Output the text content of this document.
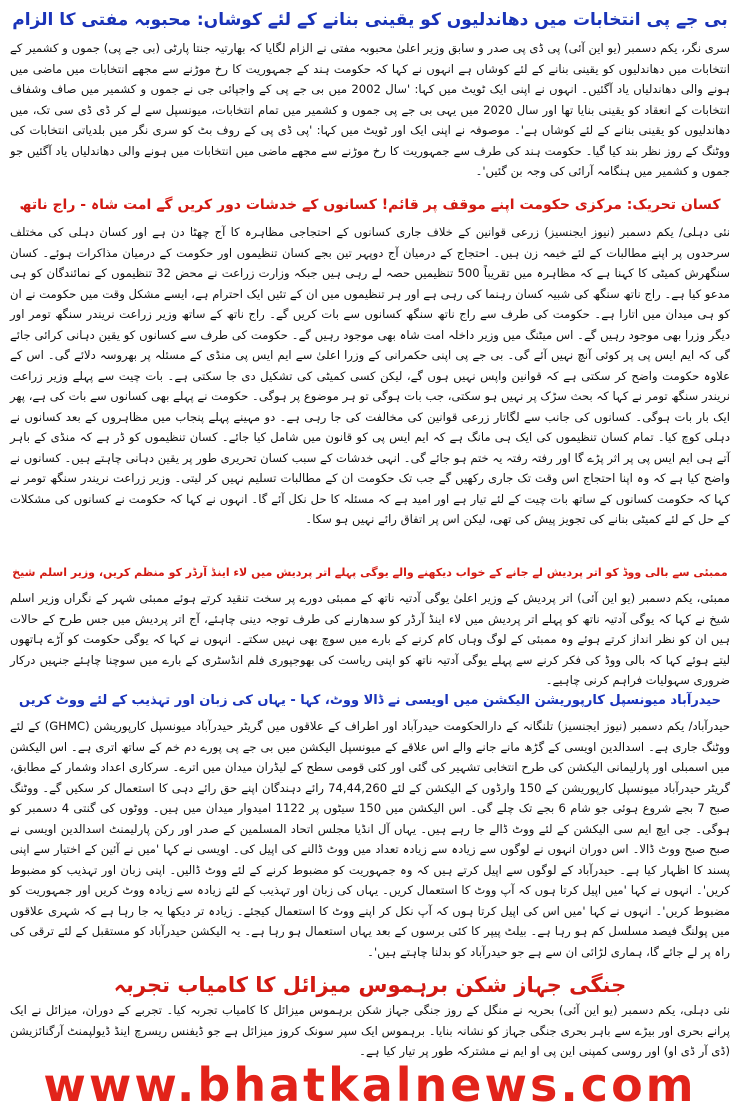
بی جے پی انتخابات میں دھاندلیوں کو یقینی بنانے کے لئے کوشاں: محبوبہ مفتی کا الزام

سری نگر، یکم دسمبر (یو این آئی) پی ڈی پی صدر و سابق وزیر اعلیٰ محبوبہ مفتی نے الزام لگایا کہ بھارتیہ جنتا پارٹی (بی جے پی) جموں و کشمیر کے انتخابات میں دھاندلیوں کو یقینی بنانے کے لئے کوشاں ہے انہوں نے کہا کہ حکومت ہند کے جمہوریت کا رخ موڑنے سے مجھے انتخابات میں ماضی میں ہونے والی دھاندلیاں یاد آگئیں۔ انہوں نے اپنی ایک ٹویٹ میں کہا: 'سال 2002 میں بی جے پی کے واجپائی جی نے جموں و کشمیر میں صاف وشفاف انتخابات کے انعقاد کو یقینی بنایا تھا اور سال 2020 میں یہی بی جے پی جموں و کشمیر میں تمام انتخابات، میونسپل سے لے کر ڈی ڈی سی تک، میں دھاندلیوں کو یقینی بنانے کے لئے کوشاں ہے'۔ موصوفہ نے اپنی ایک اور ٹویٹ میں کہا: 'پی ڈی پی کے روف بٹ کو سری نگر میں بلدیاتی انتخابات کی ووٹنگ کے روز نظر بند کیا گیا۔ حکومت ہند کی طرف سے جمہوریت کا رخ موڑنے سے مجھے ماضی میں انتخابات میں ہونے والی دھاندلیاں یاد آگئیں جو جموں و کشمیر میں ہنگامہ آرائی کی وجہ بن گئیں'۔

کسان تحریک: مرکزی حکومت اپنے موقف پر قائم! کسانوں کے خدشات دور کریں گے امت شاہ - راج ناتھ

نئی دہلی/ یکم دسمبر (نیوز ایجنسیز) زرعی قوانین کے خلاف جاری کسانوں کے احتجاجی مظاہرہ کا آج چھٹا دن ہے اور کسان دہلی کی مختلف سرحدوں پر اپنے مطالبات کے لئے خیمہ زن ہیں۔ احتجاج کے درمیان آج دوپہر تین بجے کسان تنظیموں اور حکومت کے درمیان مذاکرات ہوئے۔ کسان سنگھرش کمیٹی کا کہنا ہے کہ مظاہرہ میں تقریباً 500 تنظیمیں حصہ لے رہی ہیں جبکہ وزارت زراعت نے محض 32 تنظیموں کے نمائندگان کو ہی مدعو کیا ہے۔ راج ناتھ سنگھ کی شبیہ کسان رہنما کی رہی ہے اور ہر تنظیموں میں ان کے تئیں ایک احترام ہے، ایسے مشکل وقت میں حکومت نے ان کو ہی میدان میں اتارا ہے۔ حکومت کی طرف سے راج ناتھ سنگھ کسانوں سے بات کریں گے۔ راج ناتھ کے ساتھ وزیر زراعت نریندر سنگھ تومر اور دیگر وزرا بھی موجود رہیں گے۔ اس میٹنگ میں وزیر داخلہ امت شاہ بھی موجود رہیں گے۔ حکومت کی طرف سے کسانوں کو یقین دہانی کرائی جائے گی کہ ایم ایس پی پر کوئی آنچ نہیں آئے گی۔ بی جے پی اپنی حکمرانی کے وزرا اعلیٰ سے ایم ایس پی منڈی کے مسئلہ پر بھروسہ دلائے گی۔ اس کے علاوہ حکومت واضح کر سکتی ہے کہ قوانین واپس نہیں ہوں گے، لیکن کسی کمیٹی کی تشکیل دی جا سکتی ہے۔ بات چیت سے پہلے وزیر زراعت نریندر سنگھ تومر نے کہا کہ بحث سڑک پر نہیں ہو سکتی، جب بات ہوگی تو ہر موضوع پر ہوگی۔ حکومت نے پہلے بھی کسانوں سے بات کی ہے، پھر ایک بار بات ہوگی۔ کسانوں کی جانب سے لگاتار زرعی قوانین کی مخالفت کی جا رہی ہے۔ دو مہینے پہلے پنجاب میں مظاہروں کے بعد کسانوں نے دہلی کوچ کیا۔ تمام کسان تنظیموں کی ایک ہی مانگ ہے کہ ایم ایس پی کو قانون میں شامل کیا جائے۔ کسان تنظیموں کو ڈر ہے کہ منڈی کے باہر آتے ہی ایم ایس پی پر اثر پڑے گا اور رفتہ رفتہ یہ ختم ہو جائے گی۔ انہی خدشات کے سبب کسان تحریری طور پر یقین دہانی چاہتے ہیں۔ کسانوں نے واضح کیا ہے کہ وہ اپنا احتجاج اس وقت تک جاری رکھیں گے جب تک حکومت ان کے مطالبات تسلیم نہیں کر لیتی۔ وزیر زراعت نریندر سنگھ تومر نے کہا کہ حکومت کسانوں کے ساتھ بات چیت کے لئے تیار ہے اور امید ہے کہ مسئلہ کا حل نکل آئے گا۔ انہوں نے کہا کہ حکومت نے کسانوں کی مشکلات کے حل کے لئے کمیٹی بنانے کی تجویز پیش کی تھی، لیکن اس پر اتفاق رائے نہیں ہو سکا۔

ممبئی سے بالی ووڈ کو اتر پردیش لے جانے کے خواب دیکھنے والے یوگی پہلے اتر پردیش میں لاء اینڈ آرڈر کو منظم کریں، وزیر اسلم شیخ

ممبئی، یکم دسمبر (یو این آئی) اتر پردیش کے وزیر اعلیٰ یوگی آدتیہ ناتھ کے ممبئی دورے پر سخت تنقید کرتے ہوئے ممبئی شہر کے نگراں وزیر اسلم شیخ نے کہا کہ یوگی آدتیہ ناتھ کو پہلے اتر پردیش میں لاء اینڈ آرڈر کو سدھارنے کی طرف توجہ دینی چاہئے، آج اتر پردیش میں جس طرح کے حالات ہیں ان کو نظر انداز کرتے ہوئے وہ ممبئی کے لوگ وہاں کام کرنے کے بارے میں سوچ بھی نہیں سکتے۔ انہوں نے کہا کہ یوگی حکومت کو آڑے ہاتھوں لیتے ہوئے کہا کہ بالی ووڈ کی فکر کرنے سے پہلے یوگی آدتیہ ناتھ کو اپنی ریاست کی بھوجپوری فلم انڈسٹری کے بارے میں سوچنا چاہئے جنہیں درکار ضروری سہولیات فراہم کرنی چاہیے۔

حیدرآباد میونسپل کارپوریشن الیکشن میں اویسی نے ڈالا ووٹ، کہا - یہاں کی زبان اور تہذیب کے لئے ووٹ کریں

حیدرآباد/ یکم دسمبر (نیوز ایجنسیز) تلنگانہ کے دارالحکومت حیدرآباد اور اطراف کے علاقوں میں گریٹر حیدرآباد میونسپل کارپوریشن (GHMC) کے لئے ووٹنگ جاری ہے۔ اسدالدین اویسی کے گڑھ مانے جانے والے اس علاقے کے میونسپل الیکشن میں بی جے پی پورے دم خم کے ساتھ اتری ہے۔ اس الیکشن میں اسمبلی اور پارلیمانی الیکشن کی طرح انتخابی تشہیر کی گئی اور کئی قومی سطح کے لیڈران میدان میں اترے۔ سرکاری اعداد وشمار کے مطابق، گریٹر حیدرآباد میونسپل کارپوریشن کے 150 وارڈوں کے الیکشن کے لئے 74,44,260 رائے دہندگان اپنے حق رائے دہی کا استعمال کر سکیں گے۔ ووٹنگ صبح 7 بجے شروع ہوئی جو شام 6 بجے تک چلے گی۔ اس الیکشن میں 150 سیٹوں پر 1122 امیدوار میدان میں ہیں۔ ووٹوں کی گنتی 4 دسمبر کو ہوگی۔ جی ایچ ایم سی الیکشن کے لئے ووٹ ڈالے جا رہے ہیں۔ یہاں آل انڈیا مجلس اتحاد المسلمین کے صدر اور رکن پارلیمنٹ اسدالدین اویسی نے صبح صبح ووٹ ڈالا۔ اس دوران انہوں نے لوگوں سے زیادہ سے زیادہ تعداد میں ووٹ ڈالنے کی اپیل کی۔ اویسی نے کہا 'میں نے آئین کے اختیار سے اپنی پسند کا اظہار کیا ہے۔ حیدرآباد کے لوگوں سے اپیل کرتے ہیں کہ وہ جمہوریت کو مضبوط کرنے کے لئے ووٹ ڈالیں۔ اپنی زبان اور تہذیب کو مضبوط کریں'۔ انہوں نے کہا 'میں اپیل کرتا ہوں کہ آپ ووٹ کا استعمال کریں۔ یہاں کی زبان اور تہذیب کے لئے زیادہ سے زیادہ ووٹ کریں اور جمہوریت کو مضبوط کریں'۔ انہوں نے کہا 'میں اس کی اپیل کرتا ہوں کہ آپ نکل کر اپنے ووٹ کا استعمال کیجئے۔ زیادہ تر دیکھا یہ جا رہا ہے کہ شہری علاقوں میں پولنگ فیصد مسلسل کم ہو رہا ہے۔ بیلٹ پیپر کا کئی برسوں کے بعد یہاں استعمال ہو رہا ہے۔ یہ الیکشن حیدرآباد کو مستقبل کے لئے ترقی کی راہ پر لے جائے گا، ہماری لڑائی ان سے ہے جو حیدرآباد کو بدلنا چاہتے ہیں'۔

جنگی جہاز شکن برہموس میزائل کا کامیاب تجربہ

نئی دہلی، یکم دسمبر (یو این آئی) بحریہ نے منگل کے روز جنگی جہاز شکن برہموس میزائل کا کامیاب تجربہ کیا۔ تجربے کے دوران، میزائل نے ایک پرانے بحری اور بیڑے سے باہر بحری جنگی جہاز کو نشانہ بنایا۔ برہموس ایک سپر سونک کروز میزائل ہے جو ڈیفنس ریسرچ اینڈ ڈیولپمنٹ آرگنائزیشن (ڈی آر ڈی او) اور روسی کمپنی این پی او ایم نے مشترکہ طور پر تیار کیا ہے۔

www.bhatkalnews.com
